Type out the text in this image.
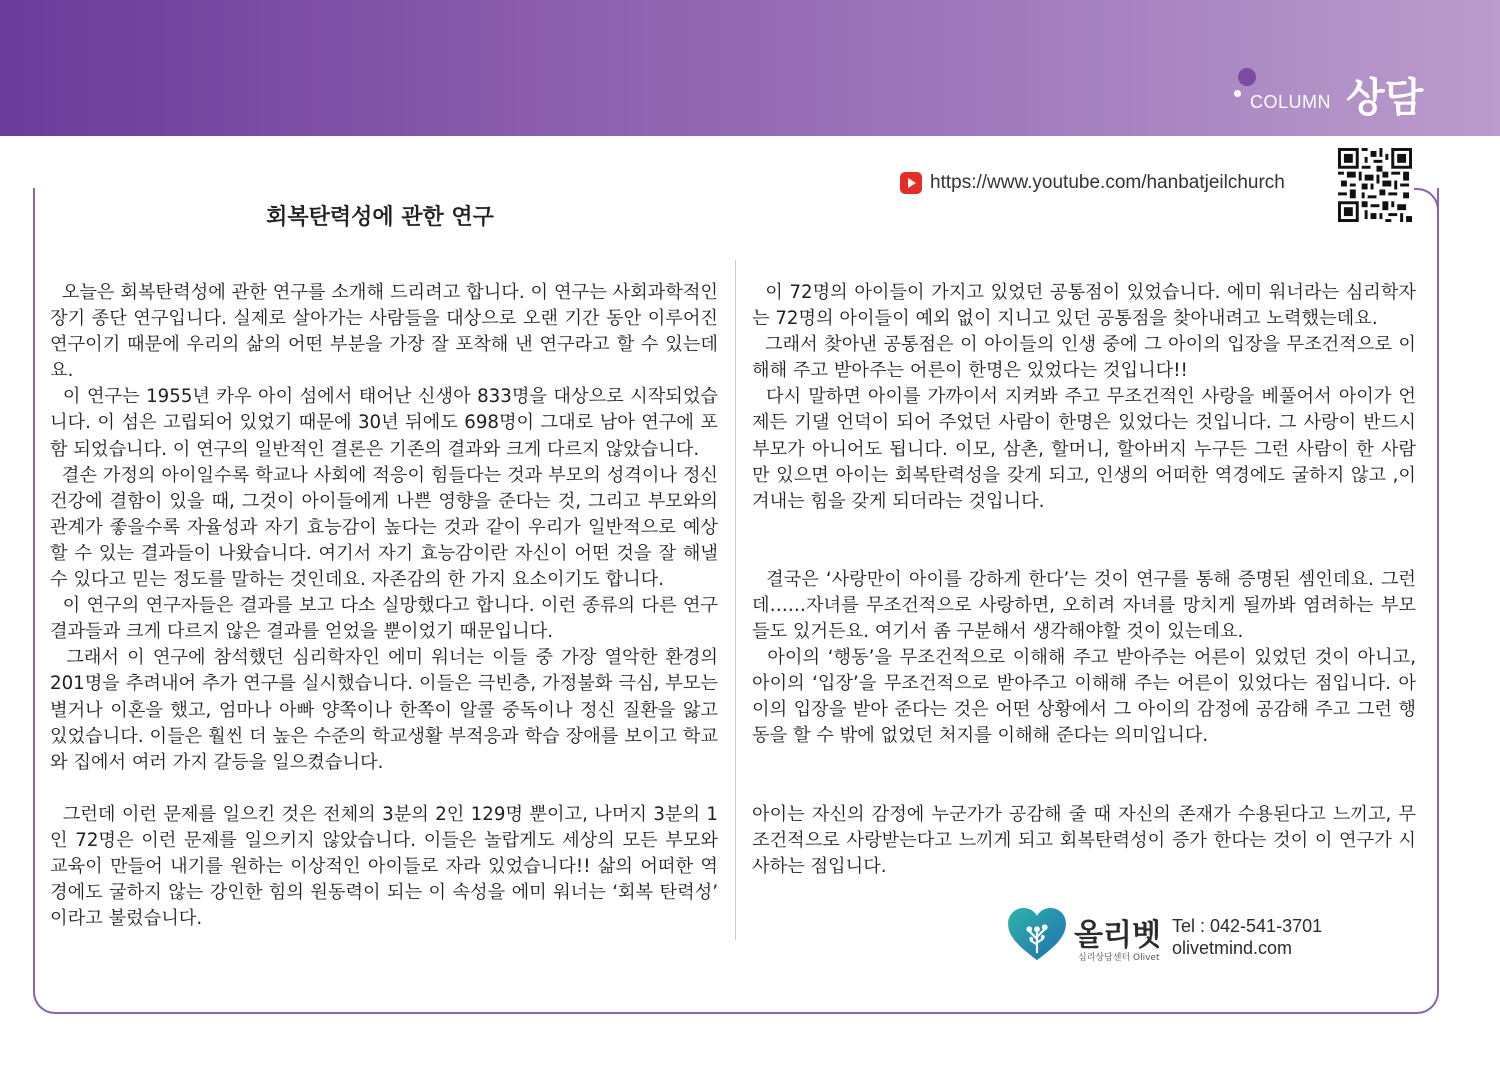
COLUMN 상담
https://www.youtube.com/hanbatjeilchurch
회복탄력성에 관한 연구

오늘은 회복탄력성에 관한 연구를 소개해 드리려고 합니다. 이 연구는 사회과학적인 장기 종단 연구입니다. 실제로 살아가는 사람들을 대상으로 오랜 기간 동안 이루어진 연구이기 때문에 우리의 삶의 어떤 부분을 가장 잘 포착해 낸 연구라고 할 수 있는데요.

이 연구는 1955년 카우 아이 섬에서 태어난 신생아 833명을 대상으로 시작되었습니다. 이 섬은 고립되어 있었기 때문에 30년 뒤에도 698명이 그대로 남아 연구에 포함 되었습니다. 이 연구의 일반적인 결론은 기존의 결과와 크게 다르지 않았습니다.

결손 가정의 아이일수록 학교나 사회에 적응이 힘들다는 것과 부모의 성격이나 정신 건강에 결함이 있을 때, 그것이 아이들에게 나쁜 영향을 준다는 것, 그리고 부모와의 관계가 좋을수록 자율성과 자기 효능감이 높다는 것과 같이 우리가 일반적으로 예상할 수 있는 결과들이 나왔습니다. 여기서 자기 효능감이란 자신이 어떤 것을 잘 해낼 수 있다고 믿는 정도를 말하는 것인데요. 자존감의 한 가지 요소이기도 합니다.

이 연구의 연구자들은 결과를 보고 다소 실망했다고 합니다. 이런 종류의 다른 연구 결과들과 크게 다르지 않은 결과를 얻었을 뿐이었기 때문입니다.

그래서 이 연구에 참석했던 심리학자인 에미 워너는 이들 중 가장 열악한 환경의 201명을 추려내어 추가 연구를 실시했습니다. 이들은 극빈층, 가정불화 극심, 부모는 별거나 이혼을 했고, 엄마나 아빠 양쪽이나 한쪽이 알콜 중독이나 정신 질환을 앓고 있었습니다. 이들은 훨씬 더 높은 수준의 학교생활 부적응과 학습 장애를 보이고 학교와 집에서 여러 가지 갈등을 일으켰습니다.

그런데 이런 문제를 일으킨 것은 전체의 3분의 2인 129명 뿐이고, 나머지 3분의 1인 72명은 이런 문제를 일으키지 않았습니다. 이들은 놀랍게도 세상의 모든 부모와 교육이 만들어 내기를 원하는 이상적인 아이들로 자라 있었습니다!! 삶의 어떠한 역경에도 굴하지 않는 강인한 힘의 원동력이 되는 이 속성을 에미 워너는 ‘회복 탄력성’ 이라고 불렀습니다.

이 72명의 아이들이 가지고 있었던 공통점이 있었습니다. 에미 워너라는 심리학자는 72명의 아이들이 예외 없이 지니고 있던 공통점을 찾아내려고 노력했는데요.

그래서 찾아낸 공통점은 이 아이들의 인생 중에 그 아이의 입장을 무조건적으로 이해해 주고 받아주는 어른이 한명은 있었다는 것입니다!!

다시 말하면 아이를 가까이서 지켜봐 주고 무조건적인 사랑을 베풀어서 아이가 언제든 기댈 언덕이 되어 주었던 사람이 한명은 있었다는 것입니다. 그 사랑이 반드시 부모가 아니어도 됩니다. 이모, 삼촌, 할머니, 할아버지 누구든 그런 사람이 한 사람만 있으면 아이는 회복탄력성을 갖게 되고, 인생의 어떠한 역경에도 굴하지 않고 ,이겨내는 힘을 갖게 되더라는 것입니다.

결국은 ‘사랑만이 아이를 강하게 한다’는 것이 연구를 통해 증명된 셈인데요. 그런데……자녀를 무조건적으로 사랑하면, 오히려 자녀를 망치게 될까봐 염려하는 부모들도 있거든요. 여기서 좀 구분해서 생각해야할 것이 있는데요.

아이의 ‘행동’을 무조건적으로 이해해 주고 받아주는 어른이 있었던 것이 아니고, 아이의 ‘입장’을 무조건적으로 받아주고 이해해 주는 어른이 있었다는 점입니다. 아이의 입장을 받아 준다는 것은 어떤 상황에서 그 아이의 감정에 공감해 주고 그런 행동을 할 수 밖에 없었던 처지를 이해해 준다는 의미입니다.

아이는 자신의 감정에 누군가가 공감해 줄 때 자신의 존재가 수용된다고 느끼고, 무조건적으로 사랑받는다고 느끼게 되고 회복탄력성이 증가 한다는 것이 이 연구가 시사하는 점입니다.

올리벳
심리상담센터 Olivet
Tel : 042-541-3701
olivetmind.com
